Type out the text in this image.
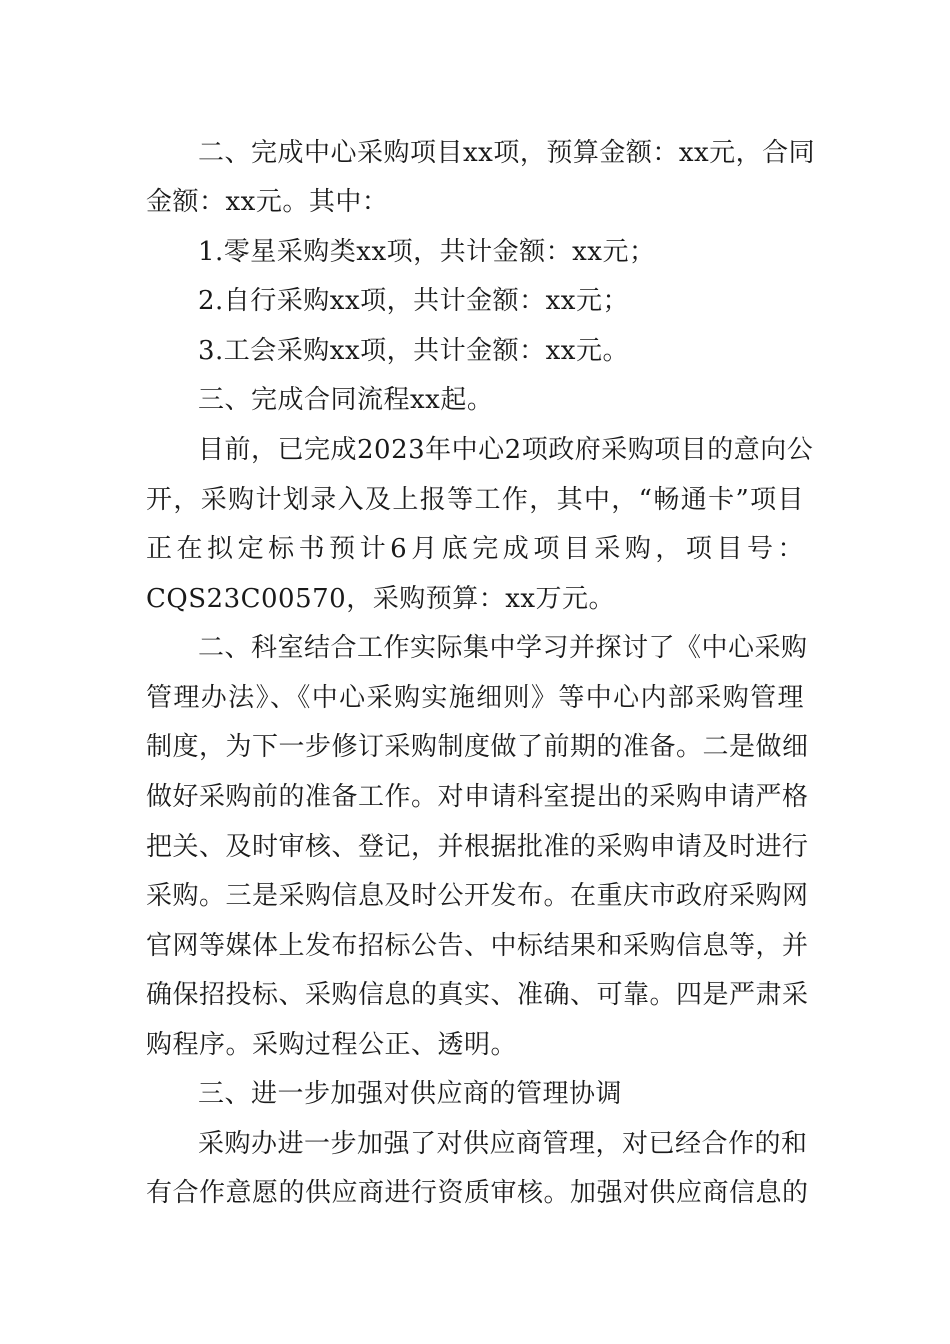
二、完成中心采购项目xx项，预算金额：xx元，合同
金额：xx元。其中：
1.零星采购类xx项，共计金额：xx元；
2.自行采购xx项，共计金额：xx元；
3.工会采购xx项，共计金额：xx元。
三、完成合同流程xx起。
目前，已完成2023年中心2项政府采购项目的意向公
开，采购计划录入及上报等工作，其中，“畅通卡”项目
正在拟定标书预计6月底完成项目采购，项目号：
CQS23C00570，采购预算：xx万元。
二、科室结合工作实际集中学习并探讨了《中心采购
管理办法》、《中心采购实施细则》等中心内部采购管理
制度，为下一步修订采购制度做了前期的准备。二是做细
做好采购前的准备工作。对申请科室提出的采购申请严格
把关、及时审核、登记，并根据批准的采购申请及时进行
采购。三是采购信息及时公开发布。在重庆市政府采购网
官网等媒体上发布招标公告、中标结果和采购信息等，并
确保招投标、采购信息的真实、准确、可靠。四是严肃采
购程序。采购过程公正、透明。
三、进一步加强对供应商的管理协调
采购办进一步加强了对供应商管理，对已经合作的和
有合作意愿的供应商进行资质审核。加强对供应商信息的
